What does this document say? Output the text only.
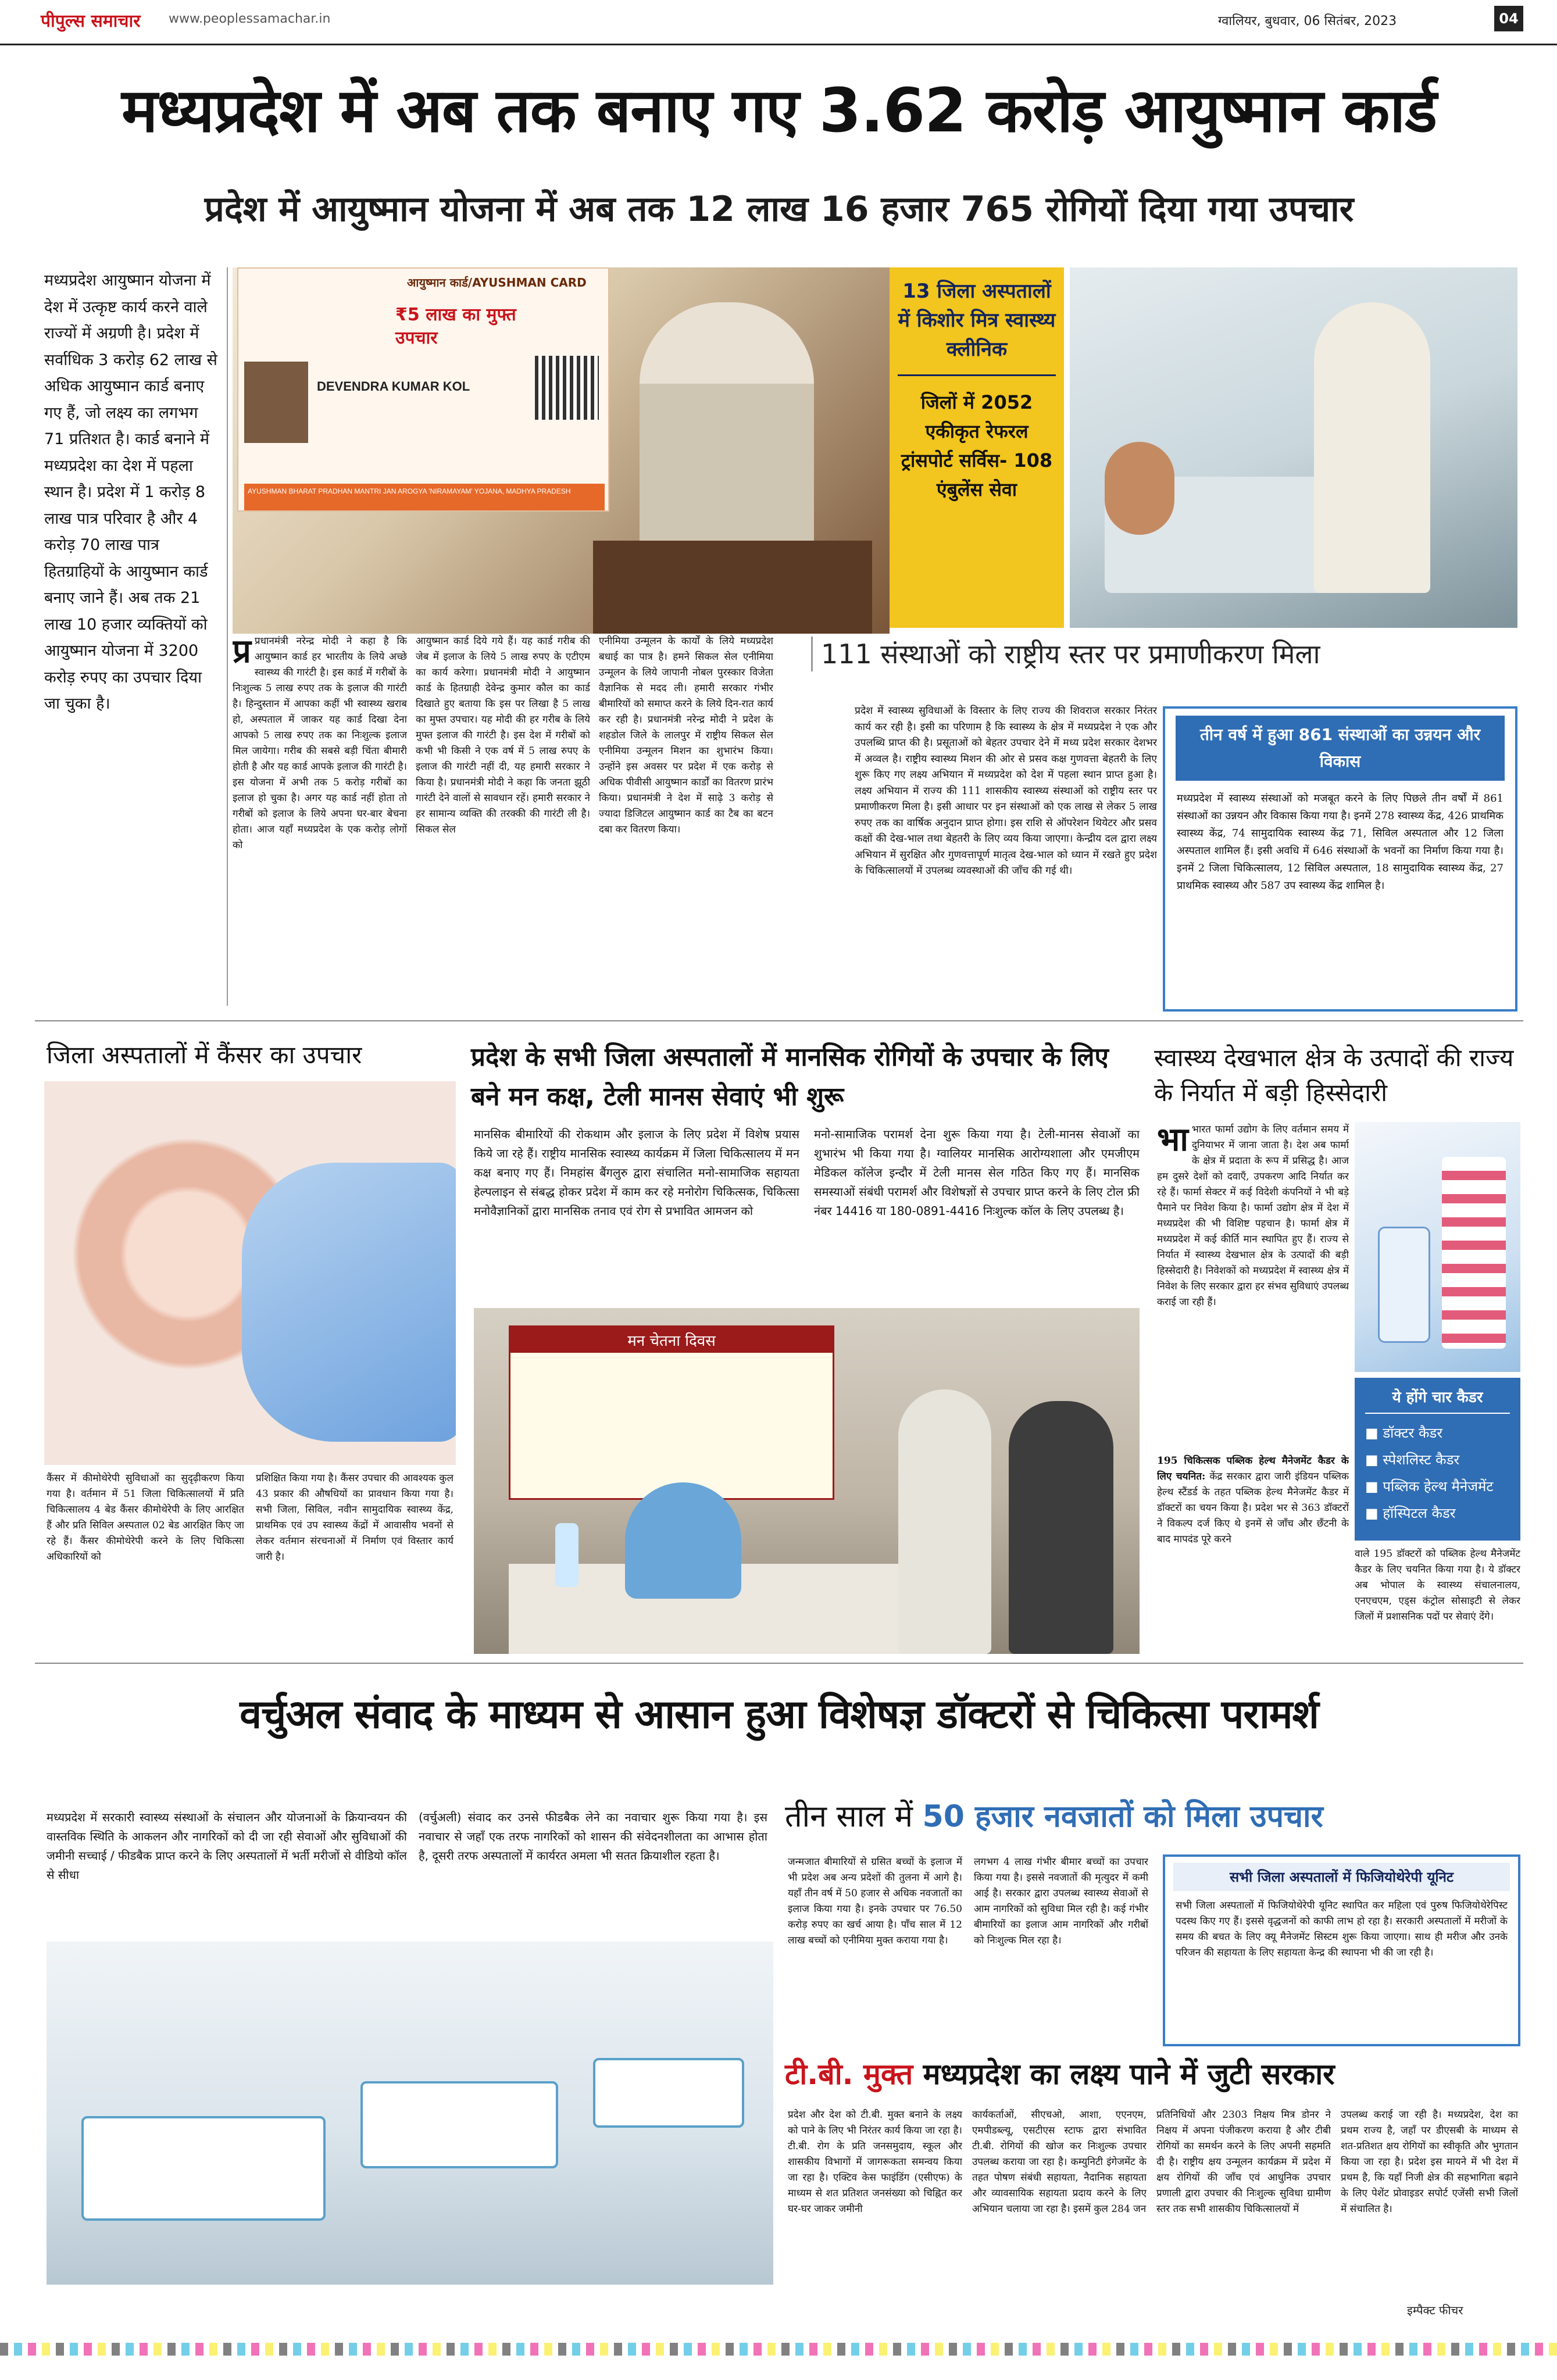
पीपुल्स समाचार www.peoplessamachar.in	ग्वालियर, बुधवार, 06 सितंबर, 2023	04
मध्यप्रदेश में अब तक बनाए गए 3.62 करोड़ आयुष्मान कार्ड
प्रदेश में आयुष्मान योजना में अब तक 12 लाख 16 हजार 765 रोगियों दिया गया उपचार
मध्यप्रदेश आयुष्मान योजना में देश में उत्कृष्ट कार्य करने वाले राज्यों में अग्रणी है। प्रदेश में सर्वाधिक 3 करोड़ 62 लाख से अधिक आयुष्मान कार्ड बनाए गए हैं, जो लक्ष्य का लगभग 71 प्रतिशत है। कार्ड बनाने में मध्यप्रदेश का देश में पहला स्थान है। प्रदेश में 1 करोड़ 8 लाख पात्र परिवार है और 4 करोड़ 70 लाख पात्र हितग्राहियों के आयुष्मान कार्ड बनाए जाने हैं। अब तक 21 लाख 10 हजार व्यक्तियों को आयुष्मान योजना में 3200 करोड़ रुपए का उपचार दिया जा चुका है।
आयुष्मान कार्ड/AYUSHMAN CARD
₹5 लाख का मुफ्त उपचार
DEVENDRA KUMAR KOL
AYUSHMAN BHARAT PRADHAN MANTRI JAN AROGYA 'NIRAMAYAM' YOJANA, MADHYA PRADESH
13 जिला अस्पतालों में किशोर मित्र स्वास्थ्य क्लीनिक
जिलों में 2052 एकीकृत रेफरल ट्रांसपोर्ट सर्विस- 108 एंबुलेंस सेवा
प्र प्रधानमंत्री नरेन्द्र मोदी ने कहा है कि आयुष्मान कार्ड हर भारतीय के लिये अच्छे स्वास्थ्य की गारंटी है। इस कार्ड में गरीबों के निःशुल्क 5 लाख रुपए तक के इलाज की गारंटी है। हिन्दुस्तान में आपका कहीं भी स्वास्थ्य खराब हो, अस्पताल में जाकर यह कार्ड दिखा देना आपको 5 लाख रुपए तक का निःशुल्क इलाज मिल जायेगा। गरीब की सबसे बड़ी चिंता बीमारी होती है और यह कार्ड आपके इलाज की गारंटी है। इस योजना में अभी तक 5 करोड़ गरीबों का इलाज हो चुका है। अगर यह कार्ड नहीं होता तो गरीबों को इलाज के लिये अपना घर-बार बेचना होता। आज यहाँ मध्यप्रदेश के एक करोड़ लोगों को
आयुष्मान कार्ड दिये गये हैं। यह कार्ड गरीब की जेब में इलाज के लिये 5 लाख रुपए के एटीएम का कार्य करेगा। प्रधानमंत्री मोदी ने आयुष्मान कार्ड के हितग्राही देवेन्द्र कुमार कौल का कार्ड दिखाते हुए बताया कि इस पर लिखा है 5 लाख का मुफ्त उपचार। यह मोदी की हर गरीब के लिये मुफ्त इलाज की गारंटी है। इस देश में गरीबों को कभी भी किसी ने एक वर्ष में 5 लाख रुपए के इलाज की गारंटी नहीं दी, यह हमारी सरकार ने किया है। प्रधानमंत्री मोदी ने कहा कि जनता झूठी गारंटी देने वालों से सावधान रहें। हमारी सरकार ने हर सामान्य व्यक्ति की तरक्की की गारंटी ली है। सिकल सेल
एनीमिया उन्मूलन के कार्यों के लिये मध्यप्रदेश बधाई का पात्र है। हमने सिकल सेल एनीमिया उन्मूलन के लिये जापानी नोबल पुरस्कार विजेता वैज्ञानिक से मदद ली। हमारी सरकार गंभीर बीमारियों को समाप्त करने के लिये दिन-रात कार्य कर रही है। प्रधानमंत्री नरेन्द्र मोदी ने प्रदेश के शहडोल जिले के लालपुर में राष्ट्रीय सिकल सेल एनीमिया उन्मूलन मिशन का शुभारंभ किया। उन्होंने इस अवसर पर प्रदेश में एक करोड़ से अधिक पीवीसी आयुष्मान कार्डों का वितरण प्रारंभ किया। प्रधानमंत्री ने देश में साढ़े 3 करोड़ से ज्यादा डिजिटल आयुष्मान कार्ड का टैब का बटन दबा कर वितरण किया।
111 संस्थाओं को राष्ट्रीय स्तर पर प्रमाणीकरण मिला
प्रदेश में स्वास्थ्य सुविधाओं के विस्तार के लिए राज्य की शिवराज सरकार निरंतर कार्य कर रही है। इसी का परिणाम है कि स्वास्थ्य के क्षेत्र में मध्यप्रदेश ने एक और उपलब्धि प्राप्त की है। प्रसूताओं को बेहतर उपचार देने में मध्य प्रदेश सरकार देशभर में अव्वल है। राष्ट्रीय स्वास्थ्य मिशन की ओर से प्रसव कक्ष गुणवत्ता बेहतरी के लिए शुरू किए गए लक्ष्य अभियान में मध्यप्रदेश को देश में पहला स्थान प्राप्त हुआ है। लक्ष्य अभियान में राज्य की 111 शासकीय स्वास्थ्य संस्थाओं को राष्ट्रीय स्तर पर प्रमाणीकरण मिला है। इसी आधार पर इन संस्थाओं को एक लाख से लेकर 5 लाख रुपए तक का वार्षिक अनुदान प्राप्त होगा। इस राशि से ऑपरेशन थियेटर और प्रसव कक्षों की देख-भाल तथा बेहतरी के लिए व्यय किया जाएगा। केन्द्रीय दल द्वारा लक्ष्य अभियान में सुरक्षित और गुणवत्तापूर्ण मातृत्व देख-भाल को ध्यान में रखते हुए प्रदेश के चिकित्सालयों में उपलब्ध व्यवस्थाओं की जाँच की गई थी।
तीन वर्ष में हुआ 861 संस्थाओं का उन्नयन और विकास
मध्यप्रदेश में स्वास्थ्य संस्थाओं को मजबूत करने के लिए पिछले तीन वर्षों में 861 संस्थाओं का उन्नयन और विकास किया गया है। इनमें 278 स्वास्थ्य केंद्र, 426 प्राथमिक स्वास्थ्य केंद्र, 74 सामुदायिक स्वास्थ्य केंद्र 71, सिविल अस्पताल और 12 जिला अस्पताल शामिल हैं। इसी अवधि में 646 संस्थाओं के भवनों का निर्माण किया गया है। इनमें 2 जिला चिकित्सालय, 12 सिविल अस्पताल, 18 सामुदायिक स्वास्थ्य केंद्र, 27 प्राथमिक स्वास्थ्य और 587 उप स्वास्थ्य केंद्र शामिल है।
जिला अस्पतालों में कैंसर का उपचार
कैंसर में कीमोथेरेपी सुविधाओं का सुदृढ़ीकरण किया गया है। वर्तमान में 51 जिला चिकित्सालयों में प्रति चिकित्सालय 4 बेड कैंसर कीमोथेरेपी के लिए आरक्षित हैं और प्रति सिविल अस्पताल 02 बेड आरक्षित किए जा रहे हैं। कैंसर कीमोथेरेपी करने के लिए चिकित्सा अधिकारियों को
प्रशिक्षित किया गया है। कैंसर उपचार की आवश्यक कुल 43 प्रकार की औषधियों का प्रावधान किया गया है। सभी जिला, सिविल, नवीन सामुदायिक स्वास्थ्य केंद्र, प्राथमिक एवं उप स्वास्थ्य केंद्रों में आवासीय भवनों से लेकर वर्तमान संरचनाओं में निर्माण एवं विस्तार कार्य जारी है।
प्रदेश के सभी जिला अस्पतालों में मानसिक रोगियों के उपचार के लिए बने मन कक्ष, टेली मानस सेवाएं भी शुरू
मानसिक बीमारियों की रोकथाम और इलाज के लिए प्रदेश में विशेष प्रयास किये जा रहे हैं। राष्ट्रीय मानसिक स्वास्थ्य कार्यक्रम में जिला चिकित्सालय में मन कक्ष बनाए गए हैं। निमहांस बैंगलुरु द्वारा संचालित मनो-सामाजिक सहायता हेल्पलाइन से संबद्ध होकर प्रदेश में काम कर रहे मनोरोग चिकित्सक, चिकित्सा मनोवैज्ञानिकों द्वारा मानसिक तनाव एवं रोग से प्रभावित आमजन को
मनो-सामाजिक परामर्श देना शुरू किया गया है। टेली-मानस सेवाओं का शुभारंभ भी किया गया है। ग्वालियर मानसिक आरोग्यशाला और एमजीएम मेडिकल कॉलेज इन्दौर में टेली मानस सेल गठित किए गए हैं। मानसिक समस्याओं संबंधी परामर्श और विशेषज्ञों से उपचार प्राप्त करने के लिए टोल फ्री नंबर 14416 या 180-0891-4416 निःशुल्क कॉल के लिए उपलब्ध है।
मन चेतना दिवस
स्वास्थ्य देखभाल क्षेत्र के उत्पादों की राज्य के निर्यात में बड़ी हिस्सेदारी
भाभारत फार्मा उद्योग के लिए वर्तमान समय में दुनियाभर में जाना जाता है। देश अब फार्मा के क्षेत्र में प्रदाता के रूप में प्रसिद्ध है। आज हम दुसरे देशों को दवाएँ, उपकरण आदि निर्यात कर रहे हैं। फार्मा सेक्टर में कई विदेशी कंपनियों ने भी बड़े पैमाने पर निवेश किया है। फार्मा उद्योग क्षेत्र में देश में मध्यप्रदेश की भी विशिष्ट पहचान है। फार्मा क्षेत्र में मध्यप्रदेश में कई कीर्ति मान स्थापित हुए हैं। राज्य से निर्यात में स्वास्थ्य देखभाल क्षेत्र के उत्पादों की बड़ी हिस्सेदारी है। निवेशकों को मध्यप्रदेश में स्वास्थ्य क्षेत्र में निवेश के लिए सरकार द्वारा हर संभव सुविधाएं उपलब्ध कराई जा रही हैं।
ये होंगे चार कैडर
■ डॉक्टर कैडर
■ स्पेशलिस्ट कैडर
■ पब्लिक हेल्थ मैनेजमेंट
■ हॉस्पिटल कैडर
195 चिकित्सक पब्लिक हेल्थ मैनेजमेंट कैडर के लिए चयनित: केंद्र सरकार द्वारा जारी इंडियन पब्लिक हेल्थ स्टैंडर्ड के तहत पब्लिक हेल्थ मैनेजमेंट कैडर में डॉक्टरों का चयन किया है। प्रदेश भर से 363 डॉक्टरों ने विकल्प दर्ज किए थे इनमें से जाँच और छँटनी के बाद मापदंड पूरे करने
वाले 195 डॉक्टरों को पब्लिक हेल्थ मैनेजमेंट कैडर के लिए चयनित किया गया है। ये डॉक्टर अब भोपाल के स्वास्थ्य संचालनालय, एनएचएम, एड्स कंट्रोल सोसाइटी से लेकर जिलों में प्रशासनिक पदों पर सेवाएं देंगे।
वर्चुअल संवाद के माध्यम से आसान हुआ विशेषज्ञ डॉक्टरों से चिकित्सा परामर्श
मध्यप्रदेश में सरकारी स्वास्थ्य संस्थाओं के संचालन और योजनाओं के क्रियान्वयन की वास्तविक स्थिति के आकलन और नागरिकों को दी जा रही सेवाओं और सुविधाओं की जमीनी सच्चाई / फीडबैक प्राप्त करने के लिए अस्पतालों में भर्ती मरीजों से वीडियो कॉल से सीधा
(वर्चुअली) संवाद कर उनसे फीडबैक लेने का नवाचार शुरू किया गया है। इस नवाचार से जहाँ एक तरफ नागरिकों को शासन की संवेदनशीलता का आभास होता है, दूसरी तरफ अस्पतालों में कार्यरत अमला भी सतत क्रियाशील रहता है।
तीन साल में 50 हजार नवजातों को मिला उपचार
जन्मजात बीमारियों से ग्रसित बच्चों के इलाज में भी प्रदेश अब अन्य प्रदेशों की तुलना में आगे है। यहाँ तीन वर्ष में 50 हजार से अधिक नवजातों का इलाज किया गया है। इनके उपचार पर 76.50 करोड़ रुपए का खर्च आया है। पाँच साल में 12 लाख बच्चों को एनीमिया मुक्त कराया गया है।
लगभग 4 लाख गंभीर बीमार बच्चों का उपचार किया गया है। इससे नवजातों की मृत्युदर में कमी आई है। सरकार द्वारा उपलब्ध स्वास्थ्य सेवाओं से आम नागरिकों को सुविधा मिल रही है। कई गंभीर बीमारियों का इलाज आम नागरिकों और गरीबों को निःशुल्क मिल रहा है।
सभी जिला अस्पतालों में फिजियोथेरेपी यूनिट
सभी जिला अस्पतालों में फिजियोथेरेपी यूनिट स्थापित कर महिला एवं पुरुष फिजियोथेरेपिस्ट पदस्थ किए गए हैं। इससे वृद्धजनों को काफी लाभ हो रहा है। सरकारी अस्पतालों में मरीजों के समय की बचत के लिए क्यू मैनेजमेंट सिस्टम शुरू किया जाएगा। साथ ही मरीज और उनके परिजन की सहायता के लिए सहायता केन्द्र की स्थापना भी की जा रही है।
टी.बी. मुक्त मध्यप्रदेश का लक्ष्य पाने में जुटी सरकार
प्रदेश और देश को टी.बी. मुक्त बनाने के लक्ष्य को पाने के लिए भी निरंतर कार्य किया जा रहा है। टी.बी. रोग के प्रति जनसमुदाय, स्कूल और शासकीय विभागों में जागरूकता समन्वय किया जा रहा है। एक्टिव केस फाइंडिंग (एसीएफ) के माध्यम से शत प्रतिशत जनसंख्या को चिह्नित कर घर-घर जाकर जमीनी
कार्यकर्ताओं, सीएचओ, आशा, एएनएम, एमपीडब्ल्यू, एसटीएस स्टाफ द्वारा संभावित टी.बी. रोगियों की खोज कर निःशुल्क उपचार उपलब्ध कराया जा रहा है। कम्युनिटी इंगेजमेंट के तहत पोषण संबंधी सहायता, नैदानिक सहायता और व्यावसायिक सहायता प्रदाय करने के लिए अभियान चलाया जा रहा है। इसमें कुल 284 जन
प्रतिनिधियों और 2303 निक्षय मित्र डोनर ने निक्षय में अपना पंजीकरण कराया है और टीबी रोगियों का समर्थन करने के लिए अपनी सहमति दी है। राष्ट्रीय क्षय उन्मूलन कार्यक्रम में प्रदेश में क्षय रोगियों की जाँच एवं आधुनिक उपचार प्रणाली द्वारा उपचार की निःशुल्क सुविधा ग्रामीण स्तर तक सभी शासकीय चिकित्सालयों में
उपलब्ध कराई जा रही है। मध्यप्रदेश, देश का प्रथम राज्य है, जहाँ पर डीएसबी के माध्यम से शत-प्रतिशत क्षय रोगियों का स्वीकृति और भुगतान किया जा रहा है। प्रदेश इस मायने में भी देश में प्रथम है, कि यहाँ निजी क्षेत्र की सहभागिता बढ़ाने के लिए पेशेंट प्रोवाइडर सपोर्ट एजेंसी सभी जिलों में संचालित है।
इम्पैक्ट फीचर
